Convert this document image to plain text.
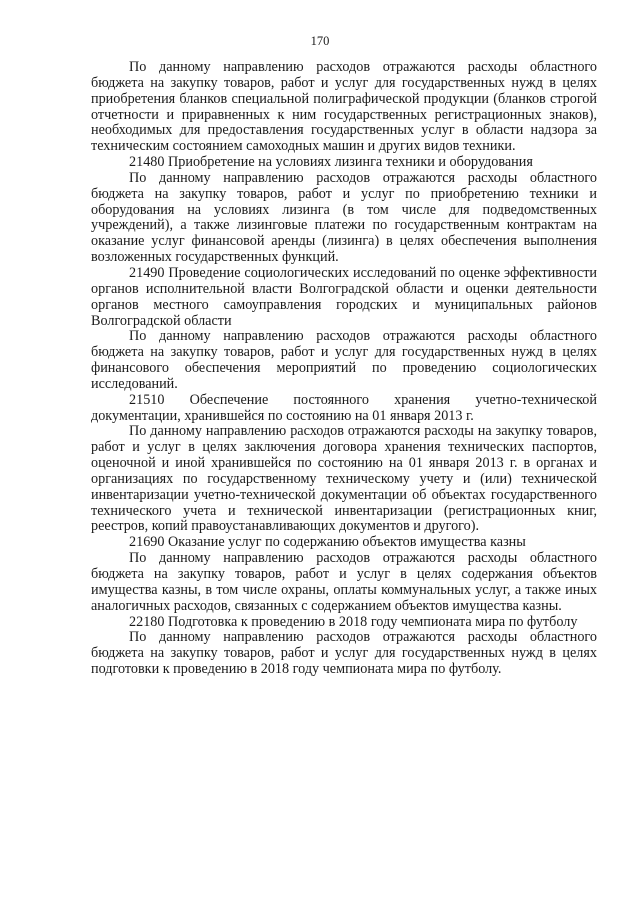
170

По данному направлению расходов отражаются расходы областного бюджета на закупку товаров, работ и услуг для государственных нужд в целях приобретения бланков специальной полиграфической продукции (бланков строгой отчетности и приравненных к ним государственных регистрационных знаков), необходимых для предоставления государственных услуг в области надзора за техническим состоянием самоходных машин и других видов техники.

21480 Приобретение на условиях лизинга техники и оборудования

По данному направлению расходов отражаются расходы областного бюджета на закупку товаров, работ и услуг по приобретению техники и оборудования на условиях лизинга (в том числе для подведомственных учреждений), а также лизинговые платежи по государственным контрактам на оказание услуг финансовой аренды (лизинга) в целях обеспечения выполнения возложенных государственных функций.

21490 Проведение социологических исследований по оценке эффективности органов исполнительной власти Волгоградской области и оценки деятельности органов местного самоуправления городских и муниципальных районов Волгоградской области

По данному направлению расходов отражаются расходы областного бюджета на закупку товаров, работ и услуг для государственных нужд в целях финансового обеспечения мероприятий по проведению социологических исследований.

21510 Обеспечение постоянного хранения учетно-технической документации, хранившейся по состоянию на 01 января 2013 г.

По данному направлению расходов отражаются расходы на закупку товаров, работ и услуг в целях заключения договора хранения технических паспортов, оценочной и иной хранившейся по состоянию на 01 января 2013 г. в органах и организациях по государственному техническому учету и (или) технической инвентаризации учетно-технической документации об объектах государственного технического учета и технической инвентаризации (регистрационных книг, реестров, копий правоустанавливающих документов и другого).

21690 Оказание услуг по содержанию объектов имущества казны

По данному направлению расходов отражаются расходы областного бюджета на закупку товаров, работ и услуг в целях содержания объектов имущества казны, в том числе охраны, оплаты коммунальных услуг, а также иных аналогичных расходов, связанных с содержанием объектов имущества казны.

22180 Подготовка к проведению в 2018 году чемпионата мира по футболу

По данному направлению расходов отражаются расходы областного бюджета на закупку товаров, работ и услуг для государственных нужд в целях подготовки к проведению в 2018 году чемпионата мира по футболу.
